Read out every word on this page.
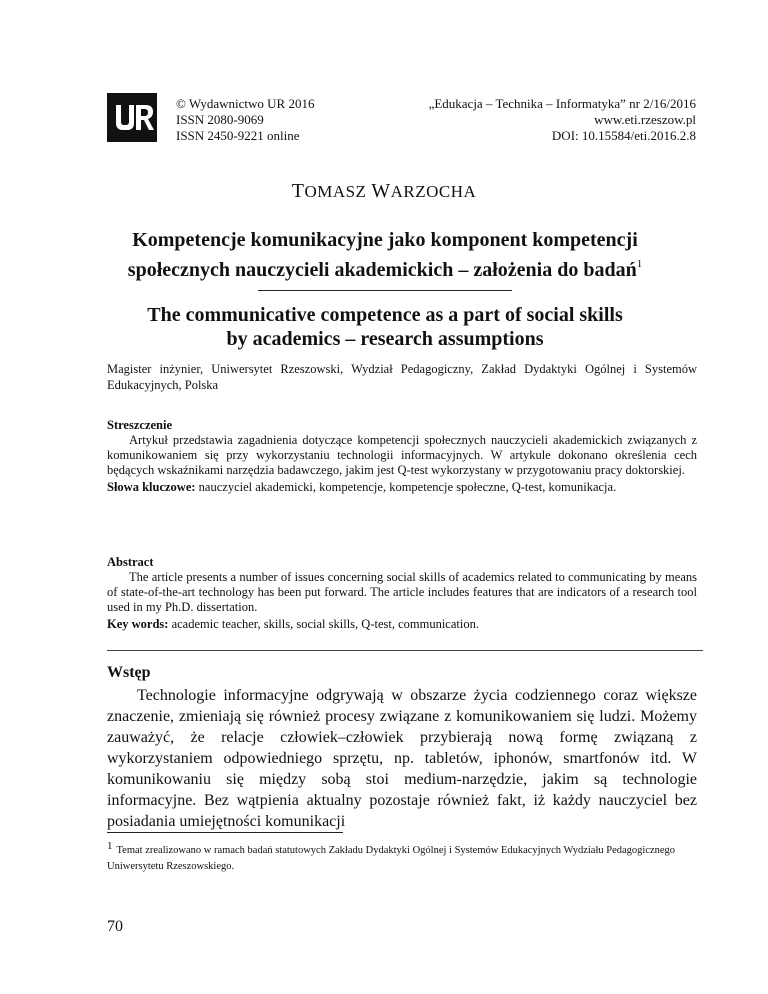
© Wydawnictwo UR 2016
ISSN 2080-9069
ISSN 2450-9221 online
„Edukacja – Technika – Informatyka” nr 2/16/2016
www.eti.rzeszow.pl
DOI: 10.15584/eti.2016.2.8
TOMASZ WARZOCHA
Kompetencje komunikacyjne jako komponent kompetencji
społecznych nauczycieli akademickich – założenia do badań$^1$
The communicative competence as a part of social skills
by academics – research assumptions
Magister inżynier, Uniwersytet Rzeszowski, Wydział Pedagogiczny, Zakład Dydaktyki Ogólnej i Systemów Edukacyjnych, Polska
Streszczenie

Artykuł przedstawia zagadnienia dotyczące kompetencji społecznych nauczycieli akademickich związanych z komunikowaniem się przy wykorzystaniu technologii informacyjnych. W artykule dokonano określenia cech będących wskaźnikami narzędzia badawczego, jakim jest Q-test wykorzystany w przygotowaniu pracy doktorskiej.

Słowa kluczowe: nauczyciel akademicki, kompetencje, kompetencje społeczne, Q-test, komunikacja.
Abstract

The article presents a number of issues concerning social skills of academics related to communicating by means of state-of-the-art technology has been put forward. The article includes features that are indicators of a research tool used in my Ph.D. dissertation.

Key words: academic teacher, skills, social skills, Q-test, communication.
Wstęp

Technologie informacyjne odgrywają w obszarze życia codziennego coraz większe znaczenie, zmieniają się również procesy związane z komunikowaniem się ludzi. Możemy zauważyć, że relacje człowiek–człowiek przybierają nową formę związaną z wykorzystaniem odpowiedniego sprzętu, np. tabletów, iphonów, smartfonów itd. W komunikowaniu się między sobą stoi medium-narzędzie, jakim są technologie informacyjne. Bez wątpienia aktualny pozostaje również fakt, iż każdy nauczyciel bez posiadania umiejętności komunikacji

$^1$ Temat zrealizowano w ramach badań statutowych Zakładu Dydaktyki Ogólnej i Systemów Edukacyjnych Wydziału Pedagogicznego Uniwersytetu Rzeszowskiego.
70
